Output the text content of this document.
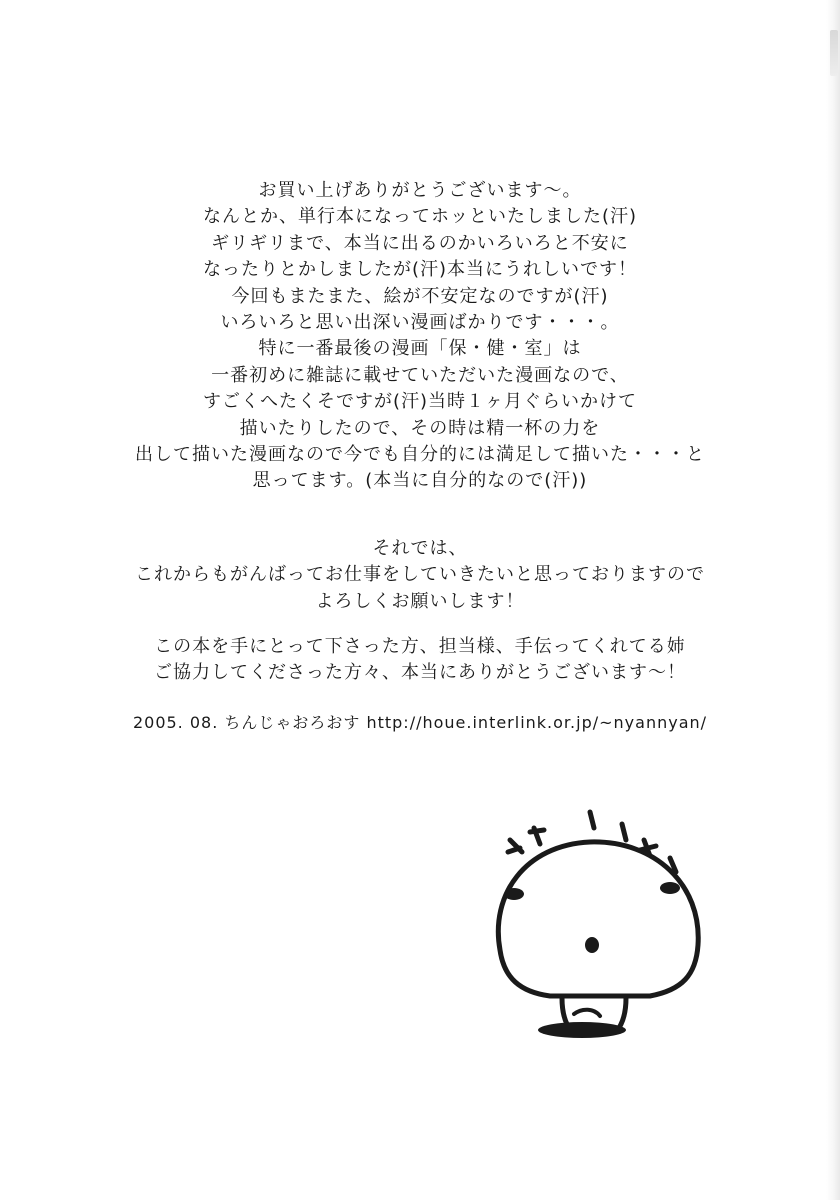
お買い上げありがとうございます～。
なんとか、単行本になってホッといたしました(汗)
ギリギリまで、本当に出るのかいろいろと不安に
なったりとかしましたが(汗)本当にうれしいです！
今回もまたまた、絵が不安定なのですが(汗)
いろいろと思い出深い漫画ばかりです・・・。
特に一番最後の漫画「保・健・室」は
一番初めに雑誌に載せていただいた漫画なので、
すごくへたくそですが(汗)当時１ヶ月ぐらいかけて
描いたりしたので、その時は精一杯の力を
出して描いた漫画なので今でも自分的には満足して描いた・・・と
思ってます。(本当に自分的なので(汗))
それでは、
これからもがんばってお仕事をしていきたいと思っておりますので
よろしくお願いします！
この本を手にとって下さった方、担当様、手伝ってくれてる姉
ご協力してくださった方々、本当にありがとうございます～！
2005. 08. ちんじゃおろおす http://houe.interlink.or.jp/~nyannyan/
